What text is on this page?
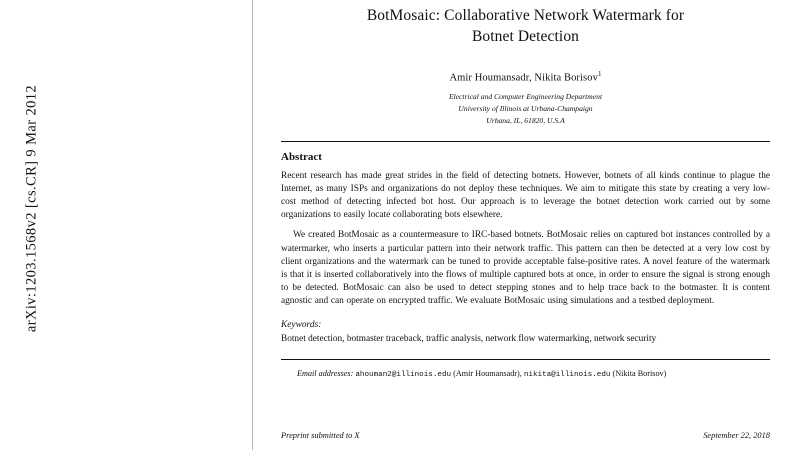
arXiv:1203.1568v2 [cs.CR] 9 Mar 2012
BotMosaic: Collaborative Network Watermark for
Botnet Detection
Amir Houmansadr, Nikita Borisov$^1$
Electrical and Computer Engineering Department
University of Illinois at Urbana-Champaign
Urbana, IL, 61820, U.S.A
Abstract

Recent research has made great strides in the field of detecting botnets. However, botnets of all kinds continue to plague the Internet, as many ISPs and organizations do not deploy these techniques. We aim to mitigate this state by creating a very low-cost method of detecting infected bot host. Our approach is to leverage the botnet detection work carried out by some organizations to easily locate collaborating bots elsewhere.

We created BotMosaic as a countermeasure to IRC-based botnets. BotMosaic relies on captured bot instances controlled by a watermarker, who inserts a particular pattern into their network traffic. This pattern can then be detected at a very low cost by client organizations and the watermark can be tuned to provide acceptable false-positive rates. A novel feature of the watermark is that it is inserted collaboratively into the flows of multiple captured bots at once, in order to ensure the signal is strong enough to be detected. BotMosaic can also be used to detect stepping stones and to help trace back to the botmaster. It is content agnostic and can operate on encrypted traffic. We evaluate BotMosaic using simulations and a testbed deployment.

Keywords:
Botnet detection, botmaster traceback, traffic analysis, network flow watermarking, network security
Email addresses: ahouman2@illinois.edu (Amir Houmansadr), nikita@illinois.edu (Nikita Borisov)
Preprint submitted to X	September 22, 2018
